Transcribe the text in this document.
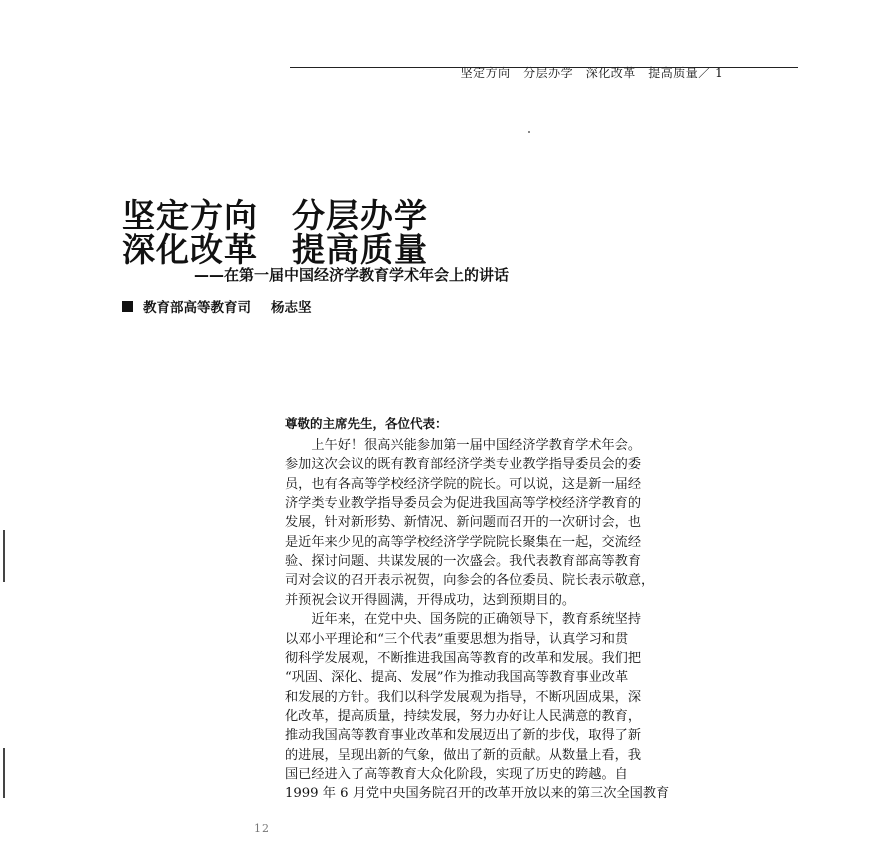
坚定方向　 分层办学　 深化改革　 提高质量／ 1

坚定方向　分层办学
深化改革　提高质量
——在第一届中国经济学教育学术年会上的讲话
教育部高等教育司 杨志坚
尊敬的主席先生，各位代表：
　　上午好！很高兴能参加第一届中国经济学教育学术年会。
参加这次会议的既有教育部经济学类专业教学指导委员会的委
员，也有各高等学校经济学院的院长。可以说，这是新一届经
济学类专业教学指导委员会为促进我国高等学校经济学教育的
发展，针对新形势、新情况、新问题而召开的一次研讨会，也
是近年来少见的高等学校经济学学院院长聚集在一起，交流经
验、探讨问题、共谋发展的一次盛会。我代表教育部高等教育
司对会议的召开表示祝贺，向参会的各位委员、院长表示敬意，
并预祝会议开得圆满，开得成功，达到预期目的。
　　近年来，在党中央、国务院的正确领导下，教育系统坚持
以邓小平理论和“三个代表”重要思想为指导，认真学习和贯
彻科学发展观，不断推进我国高等教育的改革和发展。我们把
“巩固、深化、提高、发展”作为推动我国高等教育事业改革
和发展的方针。我们以科学发展观为指导，不断巩固成果，深
化改革，提高质量，持续发展，努力办好让人民满意的教育，
推动我国高等教育事业改革和发展迈出了新的步伐，取得了新
的进展，呈现出新的气象，做出了新的贡献。从数量上看，我
国已经进入了高等教育大众化阶段，实现了历史的跨越。自
1999 年 6 月党中央国务院召开的改革开放以来的第三次全国教育
12
